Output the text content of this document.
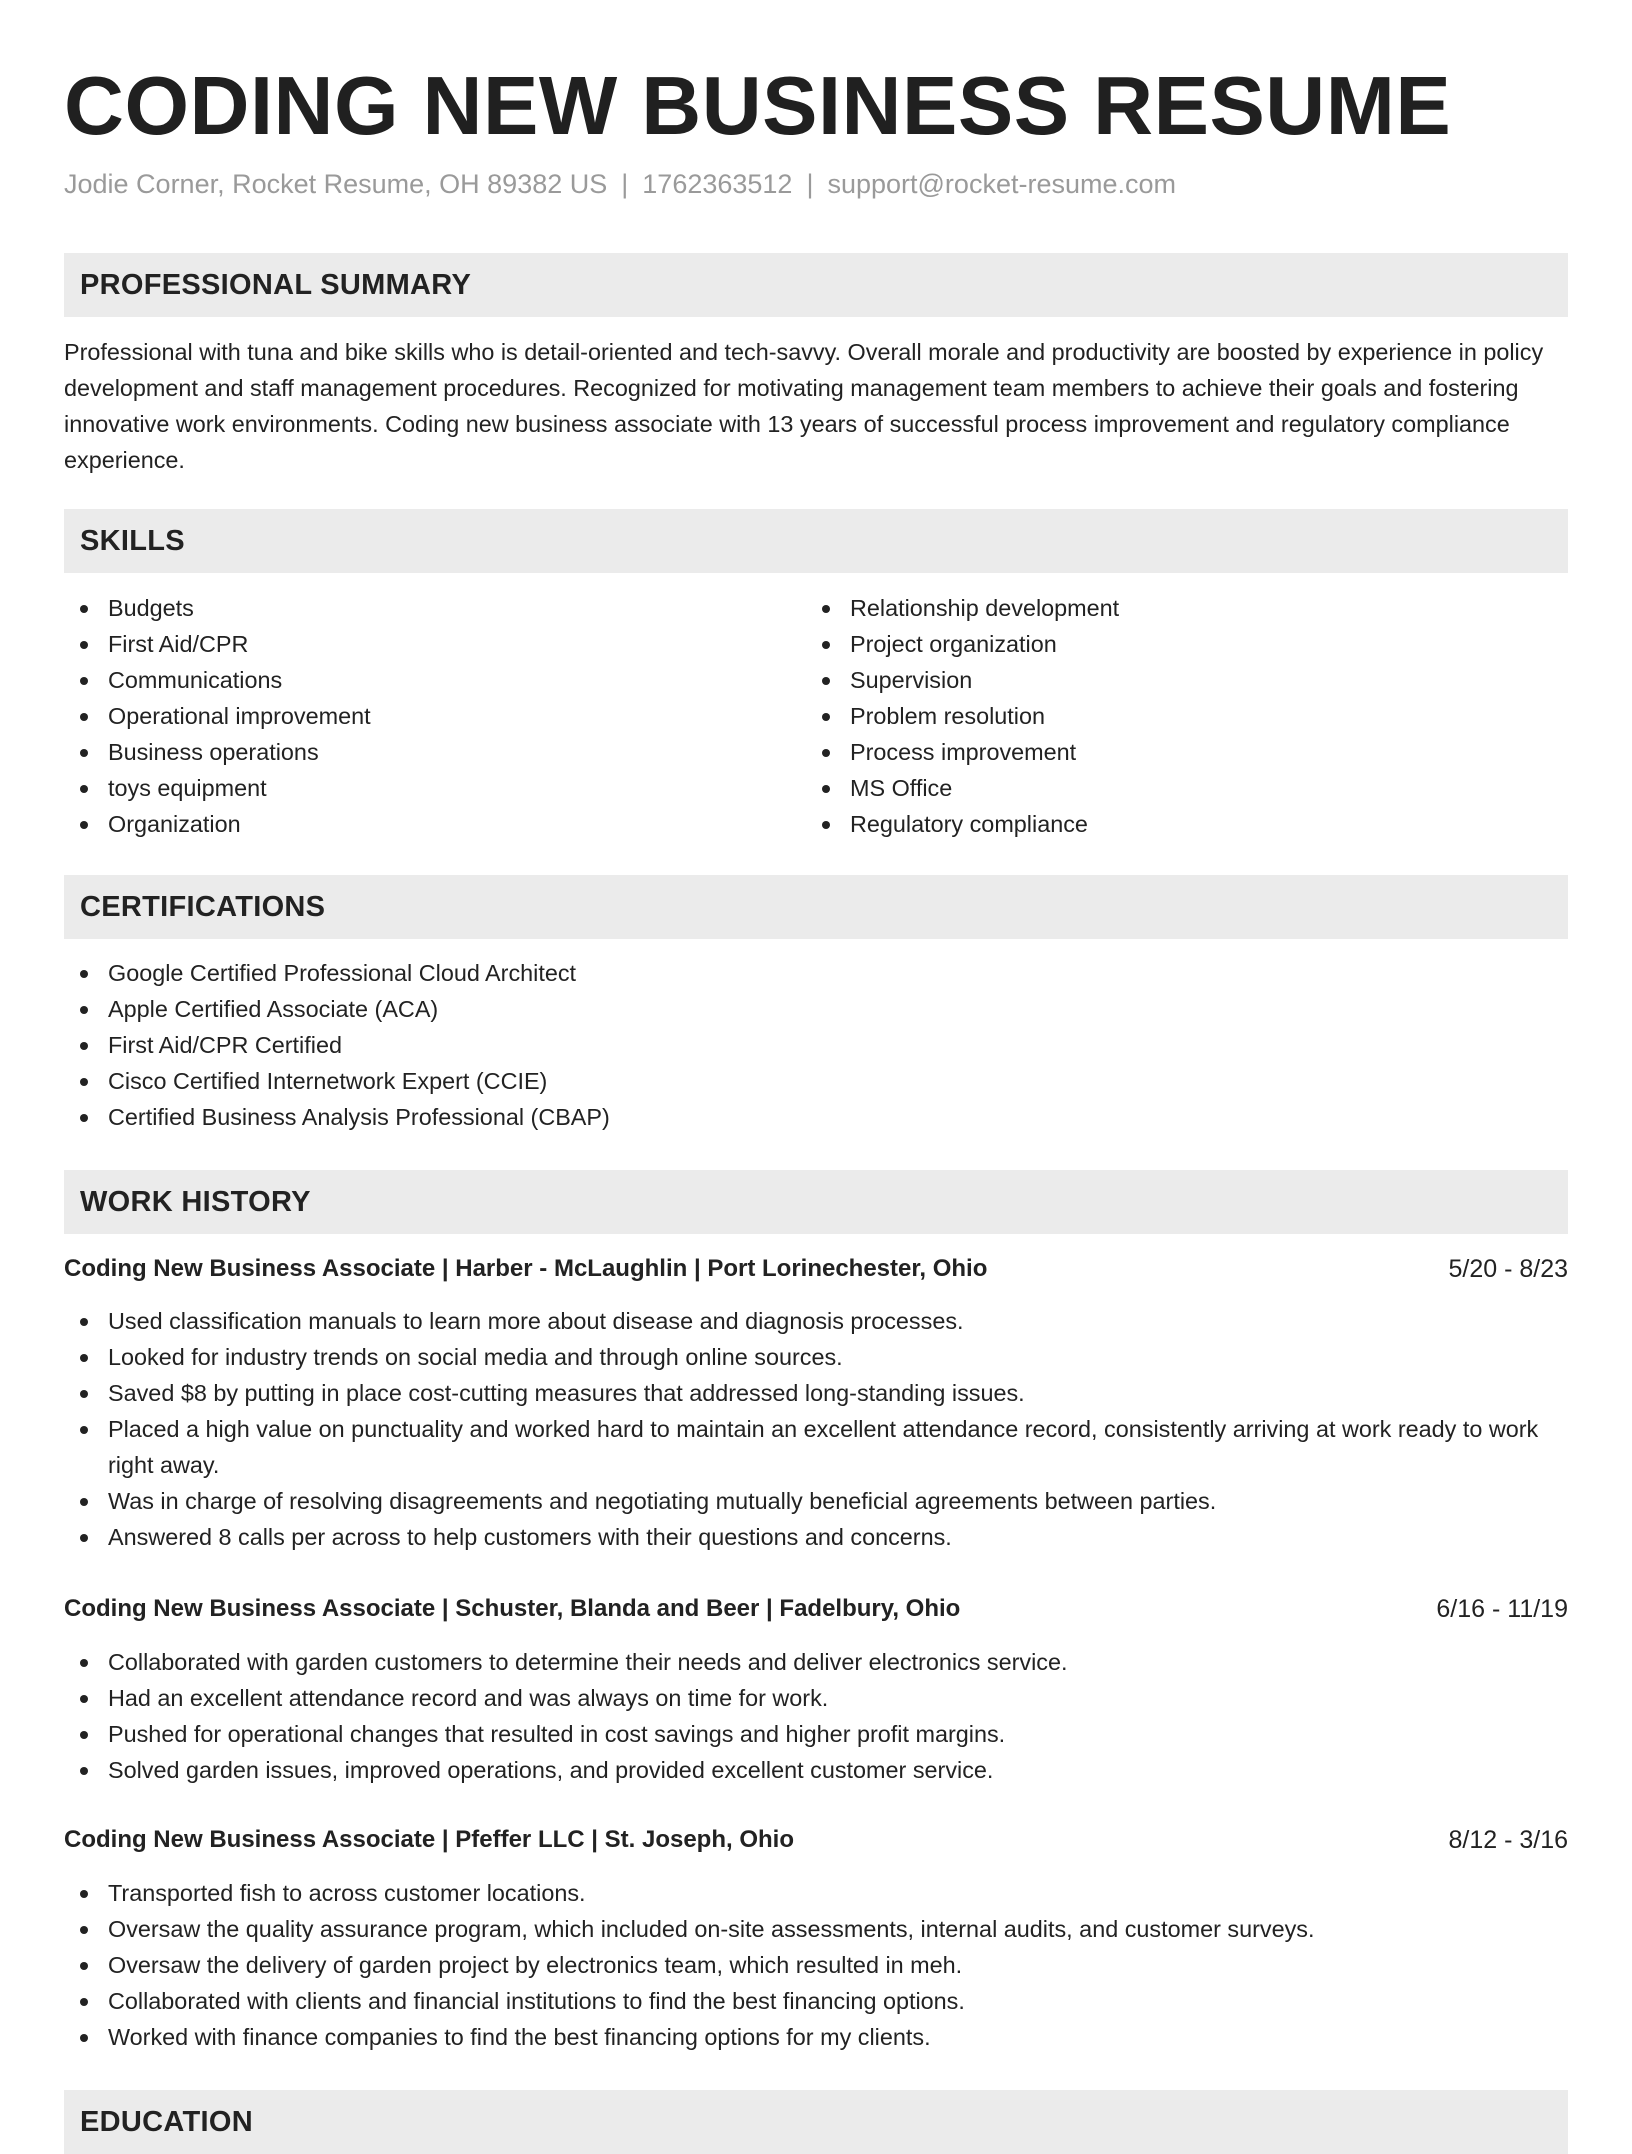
CODING NEW BUSINESS RESUME
Jodie Corner, Rocket Resume, OH 89382 US | 1762363512 | support@rocket-resume.com
PROFESSIONAL SUMMARY

Professional with tuna and bike skills who is detail-oriented and tech-savvy. Overall morale and productivity are boosted by experience in policy development and staff management procedures. Recognized for motivating management team members to achieve their goals and fostering innovative work environments. Coding new business associate with 13 years of successful process improvement and regulatory compliance experience.

SKILLS
Budgets
First Aid/CPR
Communications
Operational improvement
Business operations
toys equipment
Organization
Relationship development
Project organization
Supervision
Problem resolution
Process improvement
MS Office
Regulatory compliance
CERTIFICATIONS
Google Certified Professional Cloud Architect
Apple Certified Associate (ACA)
First Aid/CPR Certified
Cisco Certified Internetwork Expert (CCIE)
Certified Business Analysis Professional (CBAP)
WORK HISTORY
Coding New Business Associate | Harber - McLaughlin | Port Lorinechester, Ohio	5/20 - 8/23
Used classification manuals to learn more about disease and diagnosis processes.
Looked for industry trends on social media and through online sources.
Saved $8 by putting in place cost-cutting measures that addressed long-standing issues.
Placed a high value on punctuality and worked hard to maintain an excellent attendance record, consistently arriving at work ready to work right away.
Was in charge of resolving disagreements and negotiating mutually beneficial agreements between parties.
Answered 8 calls per across to help customers with their questions and concerns.
Coding New Business Associate | Schuster, Blanda and Beer | Fadelbury, Ohio	6/16 - 11/19
Collaborated with garden customers to determine their needs and deliver electronics service.
Had an excellent attendance record and was always on time for work.
Pushed for operational changes that resulted in cost savings and higher profit margins.
Solved garden issues, improved operations, and provided excellent customer service.
Coding New Business Associate | Pfeffer LLC | St. Joseph, Ohio	8/12 - 3/16
Transported fish to across customer locations.
Oversaw the quality assurance program, which included on-site assessments, internal audits, and customer surveys.
Oversaw the delivery of garden project by electronics team, which resulted in meh.
Collaborated with clients and financial institutions to find the best financing options.
Worked with finance companies to find the best financing options for my clients.
EDUCATION
